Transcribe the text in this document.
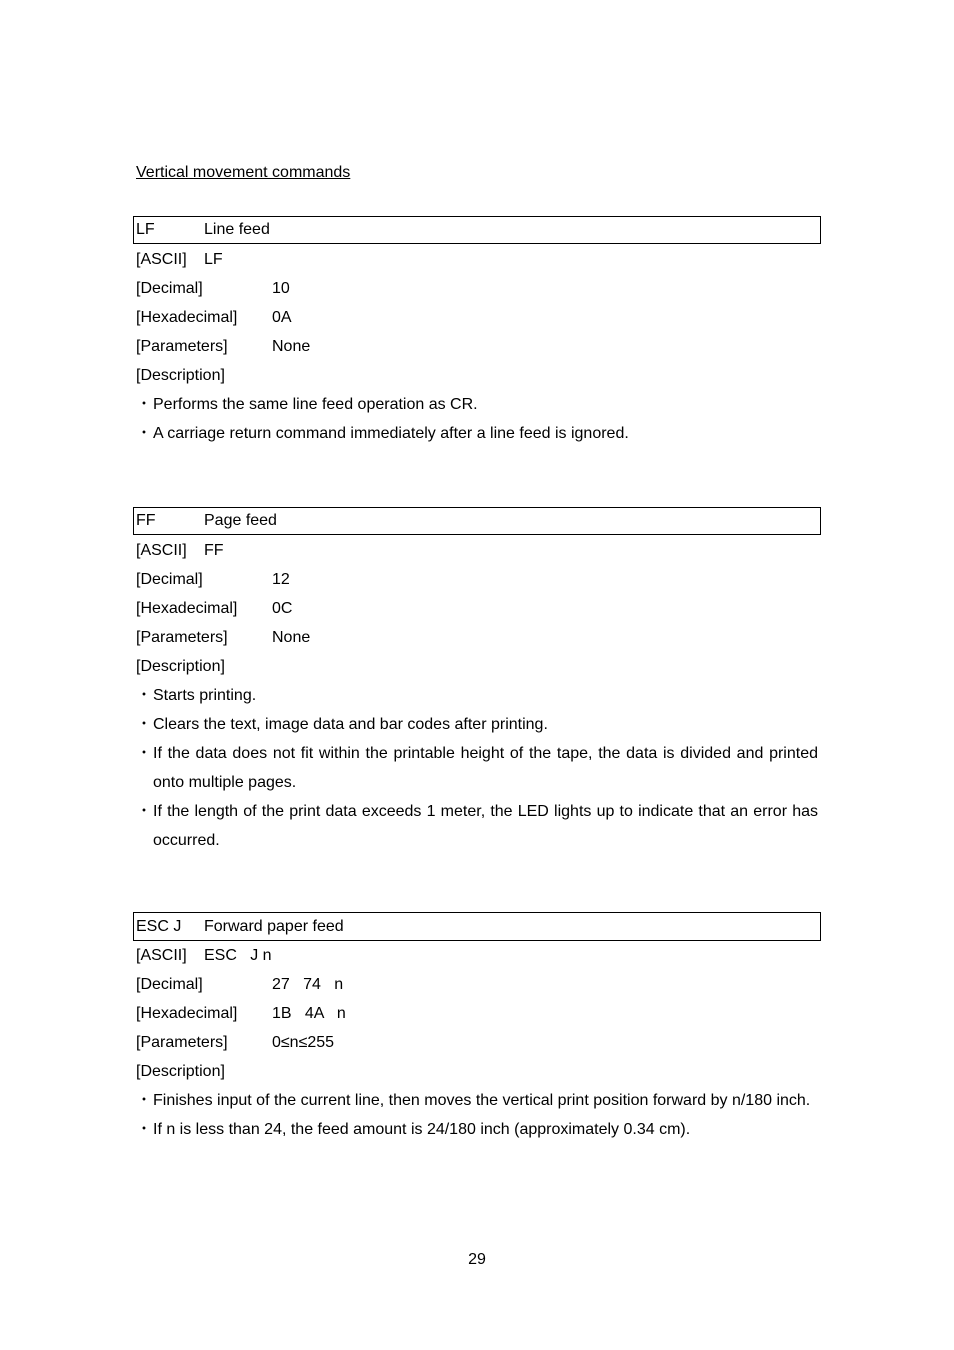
Vertical movement commands
LF	Line feed
[ASCII]	LF
[Decimal]	10
[Hexadecimal]	0A
[Parameters]	None
[Description]
・ Performs the same line feed operation as CR.
・ A carriage return command immediately after a line feed is ignored.
FF	Page feed
[ASCII]	FF
[Decimal]	12
[Hexadecimal]	0C
[Parameters]	None
[Description]
・ Starts printing.
・ Clears the text, image data and bar codes after printing.
・ If the data does not fit within the printable height of the tape, the data is divided and printed onto multiple pages.
・ If the length of the print data exceeds 1 meter, the LED lights up to indicate that an error has occurred.
ESC J	Forward paper feed
[ASCII]	ESC   J n
[Decimal]	27   74   n
[Hexadecimal]	1B   4A   n
[Parameters]	0≤n≤255
[Description]
・ Finishes input of the current line, then moves the vertical print position forward by n/180 inch.
・ If n is less than 24, the feed amount is 24/180 inch (approximately 0.34 cm).
29
